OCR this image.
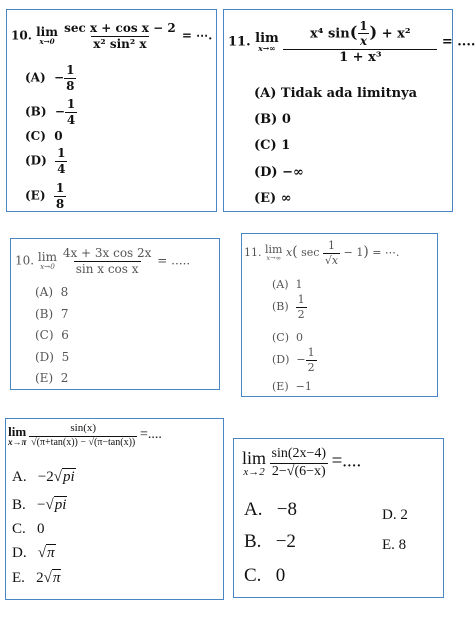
10. lim
x→0

sec x + cos x − 2
x² sin² x
= ⋯.
$(A) - \frac{1}{8}$
$(B) - \frac{1}{4}$
(C) 0
$(D) \frac{1}{4}$
$(E) \frac{1}{8}$
11. lim
x→∞
$\frac{x^4 \sin( \frac{1}{x} ) + x^2}{\text{1 + x³}}$ = ....
(A) Tidak ada limitnya
(B) 0
(C) 1
(D) −∞
(E) ∞
10. lim
x→0
$\frac{\text{4x + 3x cos 2x}}{\text{sin x cos x}}$ = .....
(A) 8
(B) 7
(C) 6
(D) 5
(E) 2
11. lim
x→∞ x( $\sec \frac{1}{√x} - 1$) = ⋯.
(A) 1
$(B) \frac{1}{2}$
(C) 0
$(D) - \frac{1}{2}$
(E) −1
lim
x→π
$\frac{\sin(x)}{√(\pi+\tan(x)) - √(\pi-\tan(x))}$ =....
A. −2√pi
B. −√pi
C. 0
D. √π
E. 2√π
lim
x→2
$\frac{\sin(2x-4)}{2-√(6-x)}$ =....
A. −8
B. −2
C. 0
D. 2
E. 8
